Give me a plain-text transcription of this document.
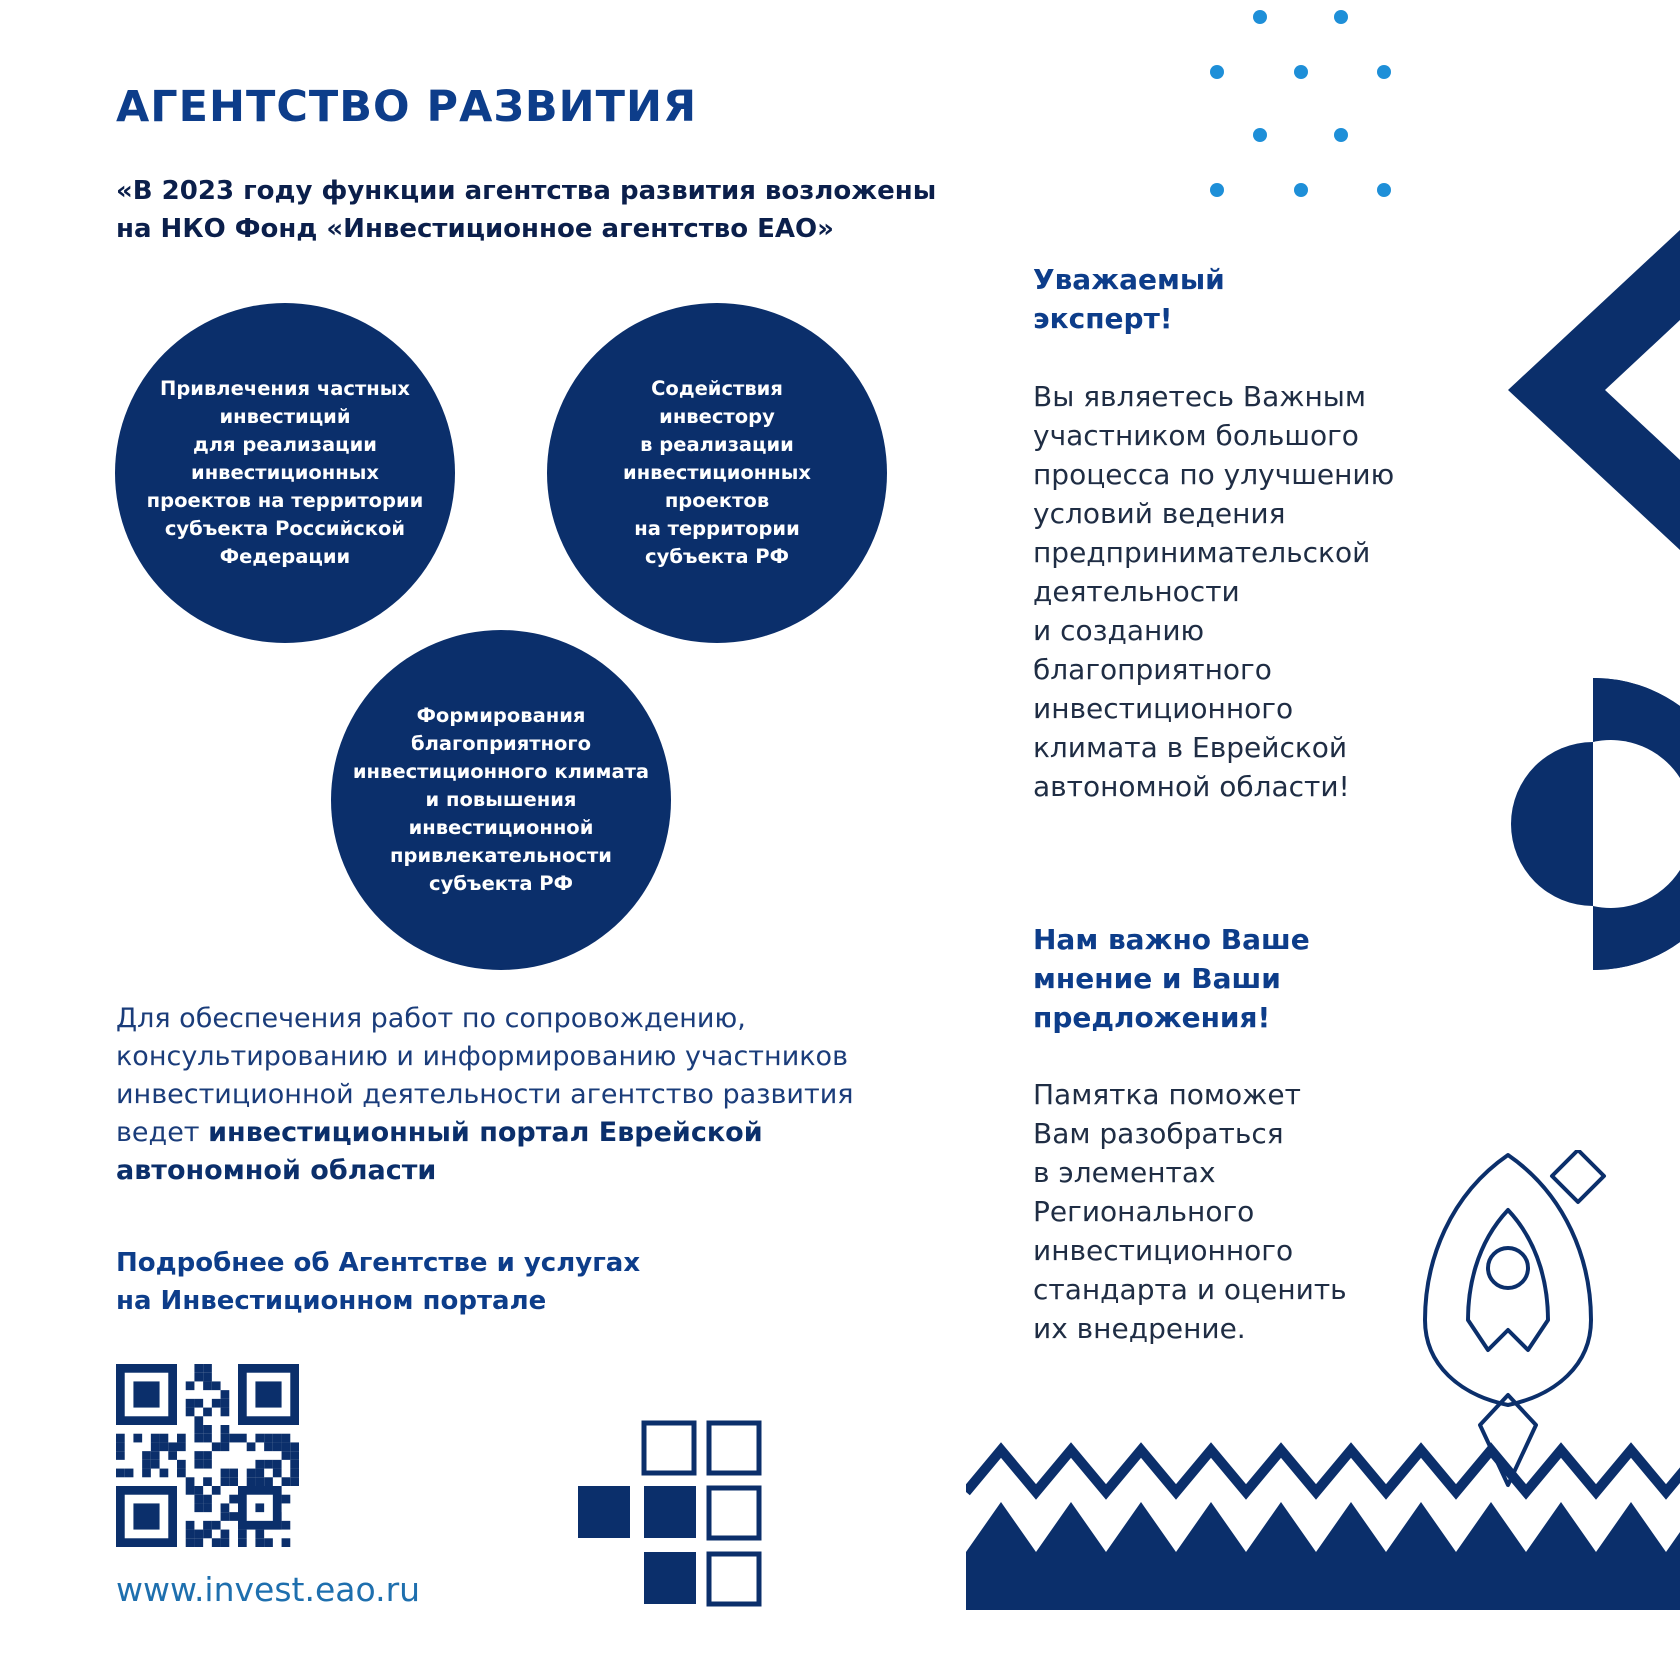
АГЕНТСТВО РАЗВИТИЯ
«В 2023 году функции агентства развития возложены
на НКО Фонд «Инвестиционное агентство ЕАО»
Привлечения частных
инвестиций
для реализации
инвестиционных
проектов на территории
субъекта Российской
Федерации
Содействия
инвестору
в реализации
инвестиционных
проектов
на территории
субъекта РФ
Формирования
благоприятного
инвестиционного климата
и повышения
инвестиционной
привлекательности
субъекта РФ
Для обеспечения работ по сопровождению,
консультированию и информированию участников
инвестиционной деятельности агентство развития
ведет инвестиционный портал Еврейской
автономной области
Подробнее об Агентстве и услугах
на Инвестиционном портале
www.invest.eao.ru
Уважаемый
эксперт!
Вы являетесь Важным
участником большого
процесса по улучшению
условий ведения
предпринимательской
деятельности
и созданию
благоприятного
инвестиционного
климата в Еврейской
автономной области!
Нам важно Ваше
мнение и Ваши
предложения!
Памятка поможет
Вам разобраться
в элементах
Регионального
инвестиционного
стандарта и оценить
их внедрение.
